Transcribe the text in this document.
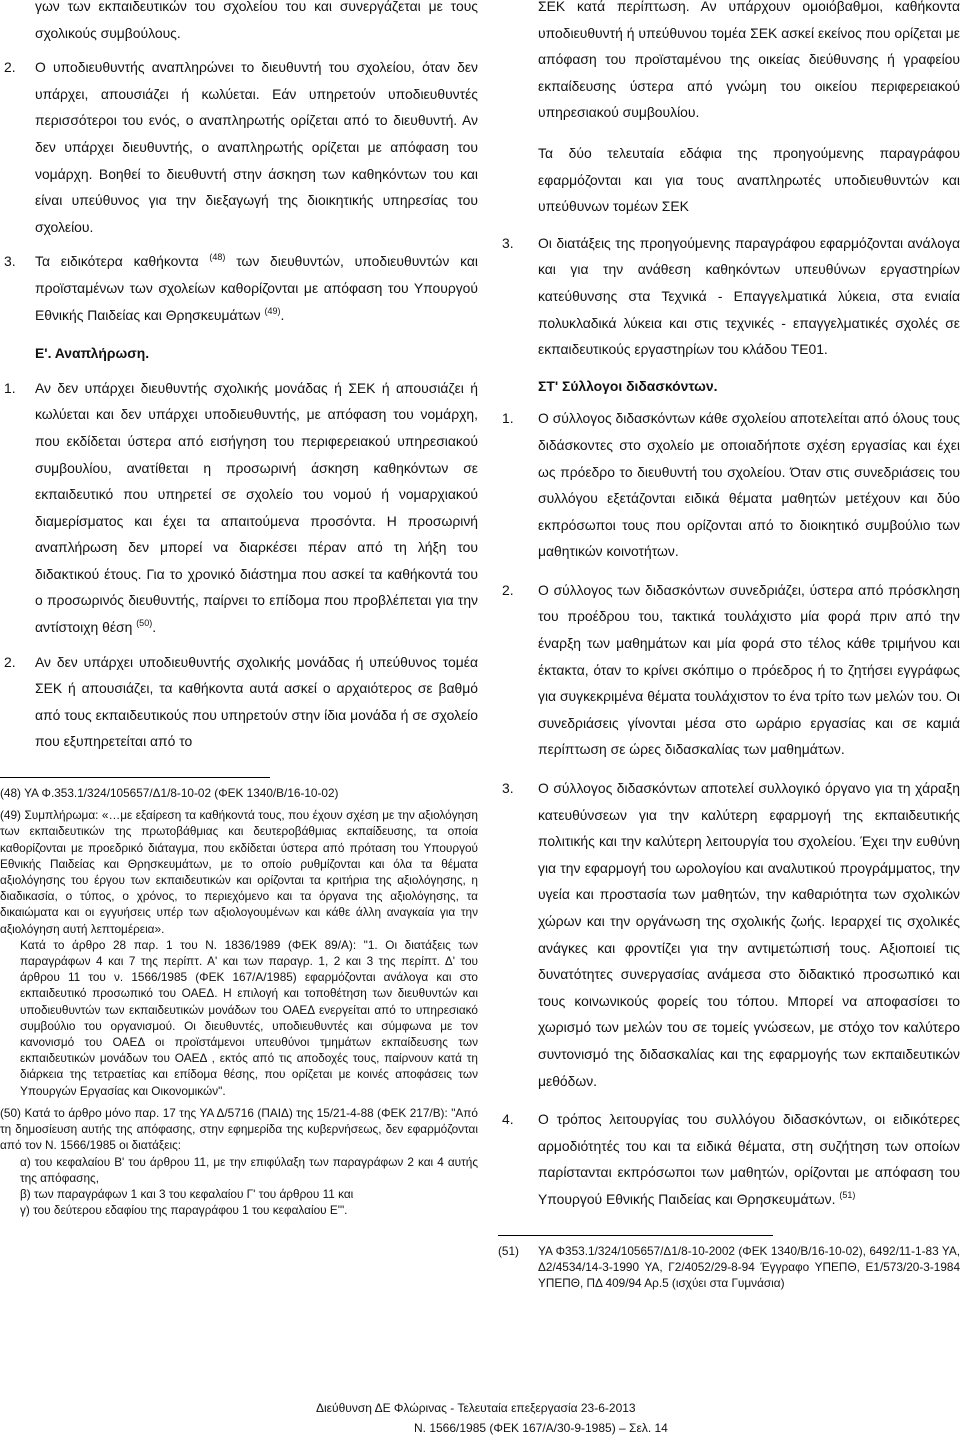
γων των εκπαιδευτικών του σχολείου του και συνεργάζεται με τους σχολικούς συμβούλους.

2. Ο υποδιευθυντής αναπληρώνει το διευθυντή του σχολείου, όταν δεν υπάρχει, απουσιάζει ή κωλύεται. Εάν υπηρετούν υποδιευθυντές περισσότεροι του ενός, ο αναπληρωτής ορίζεται από το διευθυντή. Αν δεν υπάρχει διευθυντής, ο αναπληρωτής ορίζεται με απόφαση του νομάρχη. Βοηθεί το διευθυντή στην άσκηση των καθηκόντων του και είναι υπεύθυνος για την διεξαγωγή της διοικητικής υπηρεσίας του σχολείου.
3. Τα ειδικότερα καθήκοντα $^{(48)}$ των διευθυντών, υποδιευθυντών και προϊσταμένων των σχολείων καθορίζονται με απόφαση του Υπουργού Εθνικής Παιδείας και Θρησκευμάτων $^{(49)}$.

Ε'. Αναπλήρωση.

1. Αν δεν υπάρχει διευθυντής σχολικής μονάδας ή ΣΕΚ ή απουσιάζει ή κωλύεται και δεν υπάρχει υποδιευθυντής, με απόφαση του νομάρχη, που εκδίδεται ύστερα από εισήγηση του περιφερειακού υπηρεσιακού συμβουλίου, ανατίθεται η προσωρινή άσκηση καθηκόντων σε εκπαιδευτικό που υπηρετεί σε σχολείο του νομού ή νομαρχιακού διαμερίσματος και έχει τα απαιτούμενα προσόντα. Η προσωρινή αναπλήρωση δεν μπορεί να διαρκέσει πέραν από τη λήξη του διδακτικού έτους. Για το χρονικό διάστημα που ασκεί τα καθήκοντά του ο προσωρινός διευθυντής, παίρνει το επίδομα που προβλέπεται για την αντίστοιχη θέση $^{(50)}$.
2. Αν δεν υπάρχει υποδιευθυντής σχολικής μονάδας ή υπεύθυνος τομέα ΣΕΚ ή απουσιάζει, τα καθήκοντα αυτά ασκεί ο αρχαιότερος σε βαθμό από τους εκπαιδευτικούς που υπηρετούν στην ίδια μονάδα ή σε σχολείο που εξυπηρετείται από το

(48) ΥΑ Φ.353.1/324/105657/Δ1/8-10-02 (ΦΕΚ 1340/Β/16-10-02)

(49) Συμπλήρωμα: «…με εξαίρεση τα καθήκοντά τους, που έχουν σχέση με την αξιολόγηση των εκπαιδευτικών της πρωτοβάθμιας και δευτεροβάθμιας εκπαίδευσης, τα οποία καθορίζονται με προεδρικό διάταγμα, που εκδίδεται ύστερα από πρόταση του Υπουργού Εθνικής Παιδείας και Θρησκευμάτων, με το οποίο ρυθμίζονται και όλα τα θέματα αξιολόγησης του έργου των εκπαιδευτικών και ορίζονται τα κριτήρια της αξιολόγησης, η διαδικασία, ο τύπος, ο χρόνος, το περιεχόμενο και τα όργανα της αξιολόγησης, τα δικαιώματα και οι εγγυήσεις υπέρ των αξιολογουμένων και κάθε άλλη αναγκαία για την αξιολόγηση αυτή λεπτομέρεια».

Κατά το άρθρο 28 παρ. 1 του Ν. 1836/1989 (ΦΕΚ 89/Α): "1. Οι διατάξεις των παραγράφων 4 και 7 της περίπτ. Α' και των παραγρ. 1, 2 και 3 της περίπτ. Δ' του άρθρου 11 του ν. 1566/1985 (ΦΕΚ 167/Α/1985) εφαρμόζονται ανάλογα και στο εκπαιδευτικό προσωπικό του ΟΑΕΔ. Η επιλογή και τοποθέτηση των διευθυντών και υποδιευθυντών των εκπαιδευτικών μονάδων του ΟΑΕΔ ενεργείται από το υπηρεσιακό συμβούλιο του οργανισμού. Οι διευθυντές, υποδιευθυντές και σύμφωνα με τον κανονισμό του ΟΑΕΔ οι προϊστάμενοι υπευθύνοι τμημάτων εκπαίδευσης των εκπαιδευτικών μονάδων του ΟΑΕΔ , εκτός από τις αποδοχές τους, παίρνουν κατά τη διάρκεια της τετραετίας και επίδομα θέσης, που ορίζεται με κοινές αποφάσεις των Υπουργών Εργασίας και Οικονομικών".

(50) Κατά το άρθρο μόνο παρ. 17 της ΥΑ Δ/5716 (ΠΑΙΔ) της 15/21-4-88 (ΦΕΚ 217/Β): "Από τη δημοσίευση αυτής της απόφασης, στην εφημερίδα της κυβερνήσεως, δεν εφαρμόζονται από τον Ν. 1566/1985 οι διατάξεις:

α) του κεφαλαίου Β' του άρθρου 11, με την επιφύλαξη των παραγράφων 2 και 4 αυτής της απόφασης,

β) των παραγράφων 1 και 3 του κεφαλαίου Γ' του άρθρου 11 και

γ) του δεύτερου εδαφίου της παραγράφου 1 του κεφαλαίου Ε'".

ΣΕΚ κατά περίπτωση. Αν υπάρχουν ομοιόβαθμοι, καθήκοντα υποδιευθυντή ή υπεύθυνου τομέα ΣΕΚ ασκεί εκείνος που ορίζεται με απόφαση του προϊσταμένου της οικείας διεύθυνσης ή γραφείου εκπαίδευσης ύστερα από γνώμη του οικείου περιφερειακού υπηρεσιακού συμβουλίου.

Τα δύο τελευταία εδάφια της προηγούμενης παραγράφου εφαρμόζονται και για τους αναπληρωτές υποδιευθυντών και υπεύθυνων τομέων ΣΕΚ

3. Οι διατάξεις της προηγούμενης παραγράφου εφαρμόζονται ανάλογα και για την ανάθεση καθηκόντων υπευθύνων εργαστηρίων κατεύθυνσης στα Τεχνικά - Επαγγελματικά λύκεια, στα ενιαία πολυκλαδικά λύκεια και στις τεχνικές - επαγγελματικές σχολές σε εκπαιδευτικούς εργαστηρίων του κλάδου ΤΕ01.

ΣΤ' Σύλλογοι διδασκόντων.

1. Ο σύλλογος διδασκόντων κάθε σχολείου αποτελείται από όλους τους διδάσκοντες στο σχολείο με οποιαδήποτε σχέση εργασίας και έχει ως πρόεδρο το διευθυντή του σχολείου. Όταν στις συνεδριάσεις του συλλόγου εξετάζονται ειδικά θέματα μαθητών μετέχουν και δύο εκπρόσωποι τους που ορίζονται από το διοικητικό συμβούλιο των μαθητικών κοινοτήτων.
2. Ο σύλλογος των διδασκόντων συνεδριάζει, ύστερα από πρόσκληση του προέδρου του, τακτικά τουλάχιστο μία φορά πριν από την έναρξη των μαθημάτων και μία φορά στο τέλος κάθε τριμήνου και έκτακτα, όταν το κρίνει σκόπιμο ο πρόεδρος ή το ζητήσει εγγράφως για συγκεκριμένα θέματα τουλάχιστον το ένα τρίτο των μελών του. Οι συνεδριάσεις γίνονται μέσα στο ωράριο εργασίας και σε καμιά περίπτωση σε ώρες διδασκαλίας των μαθημάτων.
3. Ο σύλλογος διδασκόντων αποτελεί συλλογικό όργανο για τη χάραξη κατευθύνσεων για την καλύτερη εφαρμογή της εκπαιδευτικής πολιτικής και την καλύτερη λειτουργία του σχολείου. Έχει την ευθύνη για την εφαρμογή του ωρολογίου και αναλυτικού προγράμματος, την υγεία και προστασία των μαθητών, την καθαριότητα των σχολικών χώρων και την οργάνωση της σχολικής ζωής. Ιεραρχεί τις σχολικές ανάγκες και φροντίζει για την αντιμετώπισή τους. Αξιοποιεί τις δυνατότητες συνεργασίας ανάμεσα στο διδακτικό προσωπικό και τους κοινωνικούς φορείς του τόπου. Μπορεί να αποφασίσει το χωρισμό των μελών του σε τομείς γνώσεων, με στόχο τον καλύτερο συντονισμό της διδασκαλίας και της εφαρμογής των εκπαιδευτικών μεθόδων.
4. Ο τρόπος λειτουργίας του συλλόγου διδασκόντων, οι ειδικότερες αρμοδιότητές του και τα ειδικά θέματα, στη συζήτηση των οποίων παρίστανται εκπρόσωποι των μαθητών, ορίζονται με απόφαση του Υπουργού Εθνικής Παιδείας και Θρησκευμάτων. $^{(51)}$

(51) ΥΑ Φ353.1/324/105657/Δ1/8-10-2002 (ΦΕΚ 1340/Β/16-10-02), 6492/11-1-83 ΥΑ, Δ2/4534/14-3-1990 ΥΑ, Γ2/4052/29-8-94 Έγγραφο ΥΠΕΠΘ, Ε1/573/20-3-1984 ΥΠΕΠΘ, ΠΔ 409/94 Αρ.5 (ισχύει στα Γυμνάσια)

Διεύθυνση ΔΕ Φλώρινας - Τελευταία επεξεργασία 23-6-2013
Ν. 1566/1985 (ΦΕΚ 167/Α/30-9-1985) – Σελ. 14
